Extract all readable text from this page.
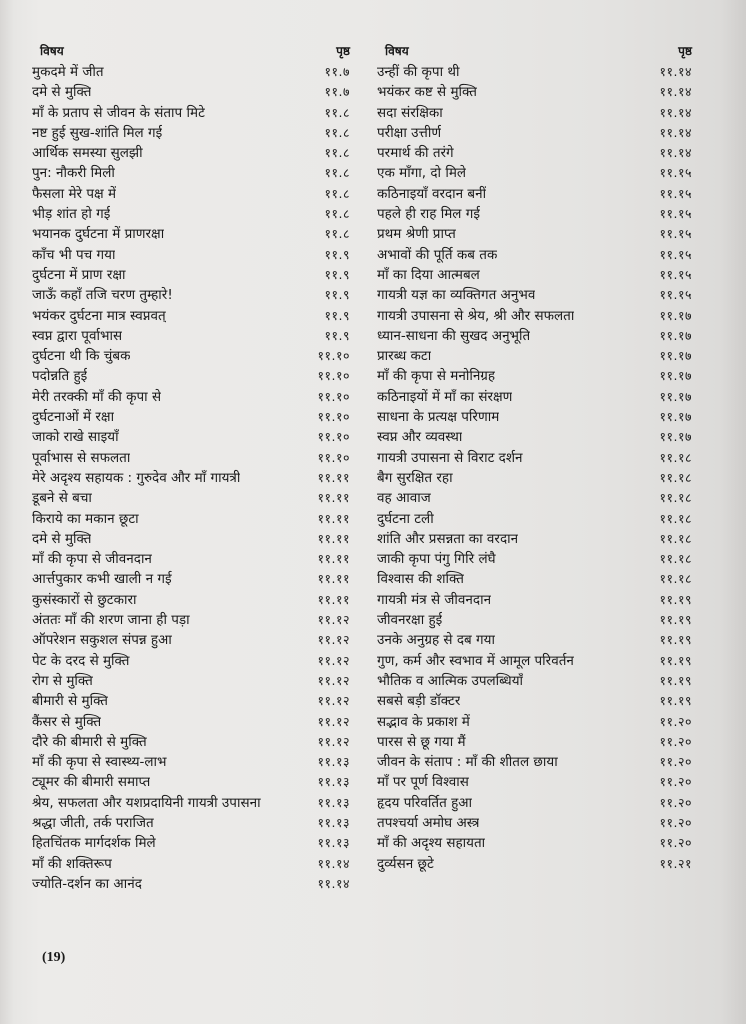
विषय	पृष्ठ
मुकदमे में जीत	११.७
दमे से मुक्ति	११.७
माँ के प्रताप से जीवन के संताप मिटे	११.८
नष्ट हुई सुख-शांति मिल गई	११.८
आर्थिक समस्या सुलझी	११.८
पुन: नौकरी मिली	११.८
फैसला मेरे पक्ष में	११.८
भीड़ शांत हो गई	११.८
भयानक दुर्घटना में प्राणरक्षा	११.८
काँच भी पच गया	११.९
दुर्घटना में प्राण रक्षा	११.९
जाऊँ कहाँ तजि चरण तुम्हारे!	११.९
भयंकर दुर्घटना मात्र स्वप्नवत्	११.९
स्वप्न द्वारा पूर्वाभास	११.९
दुर्घटना थी कि चुंबक	११.१०
पदोन्नति हुई	११.१०
मेरी तरक्की माँ की कृपा से	११.१०
दुर्घटनाओं में रक्षा	११.१०
जाको राखे साइयाँ	११.१०
पूर्वाभास से सफलता	११.१०
मेरे अदृश्य सहायक : गुरुदेव और माँ गायत्री	११.११
डूबने से बचा	११.११
किराये का मकान छूटा	११.११
दमे से मुक्ति	११.११
माँ की कृपा से जीवनदान	११.११
आर्त्तपुकार कभी खाली न गई	११.११
कुसंस्कारों से छुटकारा	११.११
अंततः माँ की शरण जाना ही पड़ा	११.१२
ऑपरेशन सकुशल संपन्न हुआ	११.१२
पेट के दरद से मुक्ति	११.१२
रोग से मुक्ति	११.१२
बीमारी से मुक्ति	११.१२
कैंसर से मुक्ति	११.१२
दौरे की बीमारी से मुक्ति	११.१२
माँ की कृपा से स्वास्थ्य-लाभ	११.१३
ट्यूमर की बीमारी समाप्त	११.१३
श्रेय, सफलता और यशप्रदायिनी गायत्री उपासना	११.१३
श्रद्धा जीती, तर्क पराजित	११.१३
हितचिंतक मार्गदर्शक मिले	११.१३
माँ की शक्तिरूप	११.१४
ज्योति-दर्शन का आनंद	११.१४
विषय	पृष्ठ
उन्हीं की कृपा थी	११.१४
भयंकर कष्ट से मुक्ति	११.१४
सदा संरक्षिका	११.१४
परीक्षा उत्तीर्ण	११.१४
परमार्थ की तरंगे	११.१४
एक माँगा, दो मिले	११.१५
कठिनाइयाँ वरदान बनीं	११.१५
पहले ही राह मिल गई	११.१५
प्रथम श्रेणी प्राप्त	११.१५
अभावों की पूर्ति कब तक	११.१५
माँ का दिया आत्मबल	११.१५
गायत्री यज्ञ का व्यक्तिगत अनुभव	११.१५
गायत्री उपासना से श्रेय, श्री और सफलता	११.१७
ध्यान-साधना की सुखद अनुभूति	११.१७
प्रारब्ध कटा	११.१७
माँ की कृपा से मनोनिग्रह	११.१७
कठिनाइयों में माँ का संरक्षण	११.१७
साधना के प्रत्यक्ष परिणाम	११.१७
स्वप्न और व्यवस्था	११.१७
गायत्री उपासना से विराट दर्शन	११.१८
बैग सुरक्षित रहा	११.१८
वह आवाज	११.१८
दुर्घटना टली	११.१८
शांति और प्रसन्नता का वरदान	११.१८
जाकी कृपा पंगु गिरि लंघै	११.१८
विश्वास की शक्ति	११.१८
गायत्री मंत्र से जीवनदान	११.१९
जीवनरक्षा हुई	११.१९
उनके अनुग्रह से दब गया	११.१९
गुण, कर्म और स्वभाव में आमूल परिवर्तन	११.१९
भौतिक व आत्मिक उपलब्धियाँ	११.१९
सबसे बड़ी डॉक्टर	११.१९
सद्भाव के प्रकाश में	११.२०
पारस से छू गया मैं	११.२०
जीवन के संताप : माँ की शीतल छाया	११.२०
माँ पर पूर्ण विश्वास	११.२०
हृदय परिवर्तित हुआ	११.२०
तपश्चर्या अमोघ अस्त्र	११.२०
माँ की अदृश्य सहायता	११.२०
दुर्व्यसन छूटे	११.२१
(19)
